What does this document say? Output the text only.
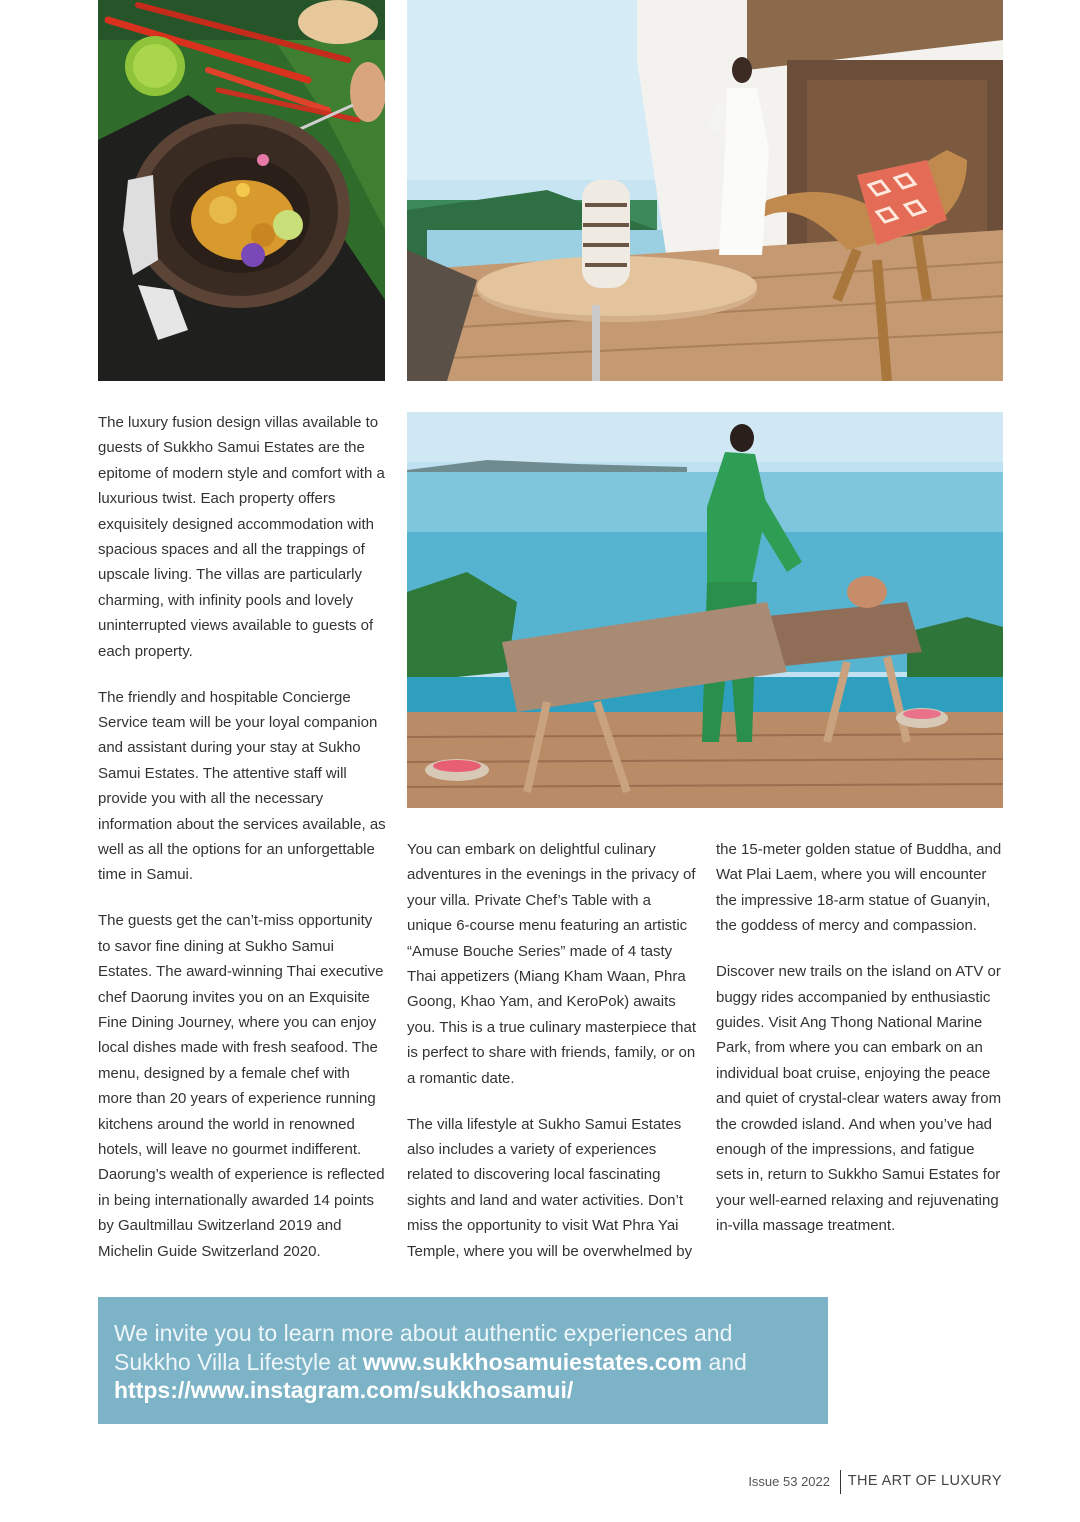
The luxury fusion design villas available to guests of Sukkho Samui Estates are the epitome of modern style and comfort with a luxurious twist. Each property offers exquisitely designed accommodation with spacious spaces and all the trappings of upscale living. The villas are particularly charming, with infinity pools and lovely uninterrupted views available to guests of each property.

The friendly and hospitable Concierge Service team will be your loyal companion and assistant during your stay at Sukho Samui Estates. The attentive staff will provide you with all the necessary information about the services available, as well as all the options for an unforgettable time in Samui.

The guests get the can’t-miss opportunity to savor fine dining at Sukho Samui Estates. The award-winning Thai executive chef Daorung invites you on an Exquisite Fine Dining Journey, where you can enjoy local dishes made with fresh seafood. The menu, designed by a female chef with more than 20 years of experience running kitchens around the world in renowned hotels, will leave no gourmet indifferent. Daorung’s wealth of experience is reflected in being internationally awarded 14 points by Gaultmillau Switzerland 2019 and Michelin Guide Switzerland 2020.

You can embark on delightful culinary adventures in the evenings in the privacy of your villa. Private Chef’s Table with a unique 6-course menu featuring an artistic “Amuse Bouche Series” made of 4 tasty Thai appetizers (Miang Kham Waan, Phra Goong, Khao Yam, and KeroPok) awaits you. This is a true culinary masterpiece that is perfect to share with friends, family, or on a romantic date.

The villa lifestyle at Sukho Samui Estates also includes a variety of experiences related to discovering local fascinating sights and land and water activities. Don’t miss the opportunity to visit Wat Phra Yai Temple, where you will be overwhelmed by

the 15-meter golden statue of Buddha, and Wat Plai Laem, where you will encounter the impressive 18-arm statue of Guanyin, the goddess of mercy and compassion.

Discover new trails on the island on ATV or buggy rides accompanied by enthusiastic guides. Visit Ang Thong National Marine Park, from where you can embark on an individual boat cruise, enjoying the peace and quiet of crystal-clear waters away from the crowded island. And when you’ve had enough of the impressions, and fatigue sets in, return to Sukkho Samui Estates for your well-earned relaxing and rejuvenating in-villa massage treatment.

We invite you to learn more about authentic experiences and Sukkho Villa Lifestyle at www.sukkhosamuiestates.com and https://www.instagram.com/sukkhosamui/
Issue 53 2022 THE ART OF LUXURY
